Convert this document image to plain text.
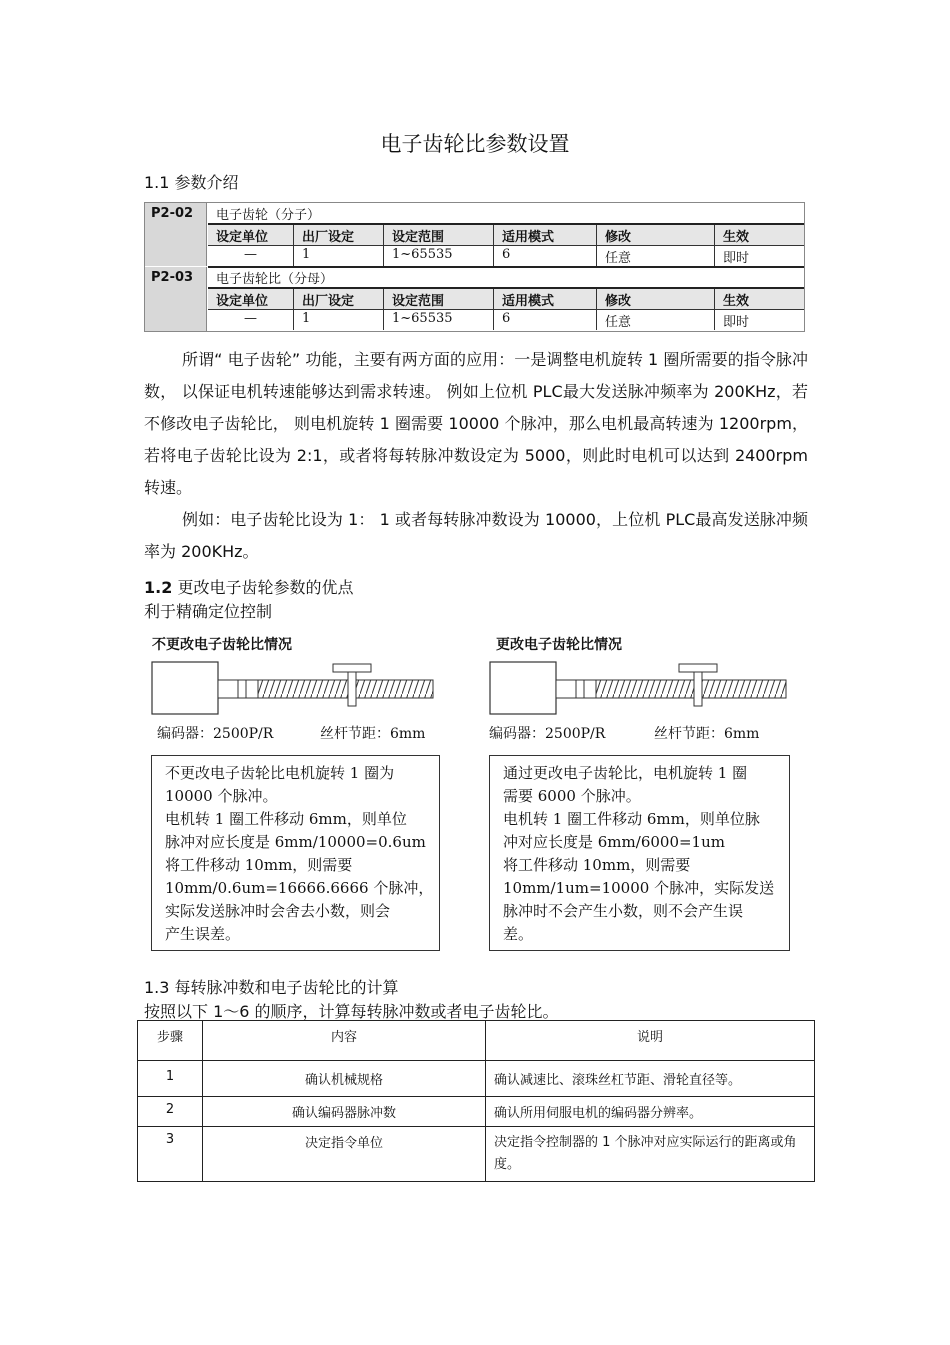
电子齿轮比参数设置
1.1 参数介绍
P2-02	电子齿轮（分子）
设定单位	出厂设定	设定范围	适用模式	修改	生效
—	1	1~65535	6	任意	即时
P2-03	电子齿轮比（分母）
设定单位	出厂设定	设定范围	适用模式	修改	生效
—	1	1~65535	6	任意	即时

所谓“ 电子齿轮” 功能，主要有两方面的应用：一是调整电机旋转 1 圈所需要的指令脉冲数， 以保证电机转速能够达到需求转速。 例如上位机 PLC最大发送脉冲频率为 200KHz，若不修改电子齿轮比， 则电机旋转 1 圈需要 10000 个脉冲，那么电机最高转速为 1200rpm，若将电子齿轮比设为 2:1，或者将每转脉冲数设定为 5000，则此时电机可以达到 2400rpm 转速。

例如：电子齿轮比设为 1： 1 或者每转脉冲数设为 10000，上位机 PLC最高发送脉冲频率为 200KHz。

1.2 更改电子齿轮参数的优点
利于精确定位控制
不更改电子齿轮比情况
编码器：2500P/R	丝杆节距：6mm
不更改电子齿轮比电机旋转 1 圈为
10000 个脉冲。
电机转 1 圈工件移动 6mm，则单位
脉冲对应长度是 6mm/10000=0.6um
将工件移动 10mm，则需要
10mm/0.6um=16666.6666 个脉冲，
实际发送脉冲时会舍去小数，则会
产生误差。
更改电子齿轮比情况
编码器：2500P/R	丝杆节距：6mm
通过更改电子齿轮比，电机旋转 1 圈
需要 6000 个脉冲。
电机转 1 圈工件移动 6mm，则单位脉
冲对应长度是 6mm/6000=1um
将工件移动 10mm，则需要
10mm/1um=10000 个脉冲，实际发送
脉冲时不会产生小数，则不会产生误
差。
1.3 每转脉冲数和电子齿轮比的计算
按照以下 1～6 的顺序，计算每转脉冲数或者电子齿轮比。
步骤	内容	说明
1	确认机械规格	确认减速比、滚珠丝杠节距、滑轮直径等。
2	确认编码器脉冲数	确认所用伺服电机的编码器分辨率。
3	决定指令单位	决定指令控制器的 1 个脉冲对应实际运行的距离或角度。
